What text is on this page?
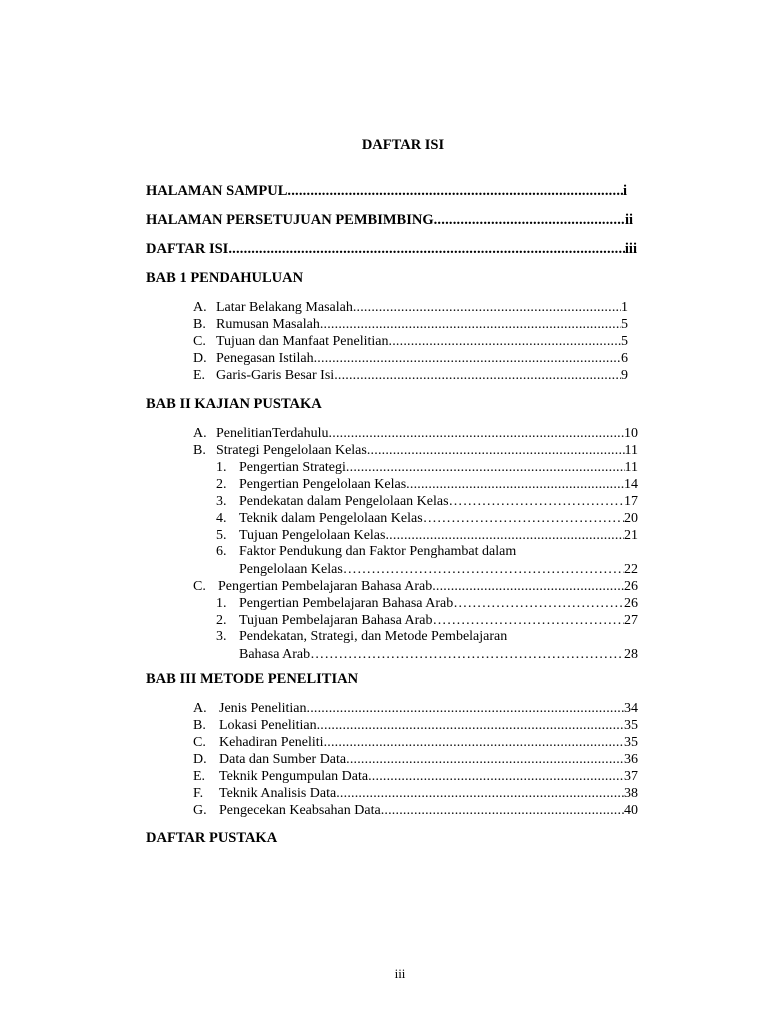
DAFTAR ISI
HALAMAN SAMPUL .....	i
HALAMAN PERSETUJUAN PEMBIMBING .....	ii
DAFTAR ISI .....	iii
BAB 1 PENDAHULUAN
A. Latar Belakang Masalah .....	1
B. Rumusan Masalah .....	5
C. Tujuan dan Manfaat Penelitian .....	5
D. Penegasan Istilah .....	6
E. Garis-Garis Besar Isi .....	9
BAB II KAJIAN PUSTAKA
A. PenelitianTerdahulu .....	10
B. Strategi Pengelolaan Kelas .....	11
1. Pengertian Strategi .....	11
2. Pengertian Pengelolaan Kelas .....	14
3. Pendekatan dalam Pengelolaan Kelas …………………………………………………………………………………………………………………………………………	17
4. Teknik dalam Pengelolaan Kelas …………………………………………………………………………………………………………………………………………	20
5. Tujuan Pengelolaan Kelas .....	21
6. Faktor Pendukung dan Faktor Penghambat dalam
Pengelolaan Kelas …………………………………………………………………………………………………………………………………………	22
C. Pengertian Pembelajaran Bahasa Arab .....	26
1. Pengertian Pembelajaran Bahasa Arab …………………………………………………………………………………………………………………………………………	26
2. Tujuan Pembelajaran Bahasa Arab …………………………………………………………………………………………………………………………………………	27
3. Pendekatan, Strategi, dan Metode Pembelajaran
Bahasa Arab …………………………………………………………………………………………………………………………………………	28
BAB III METODE PENELITIAN
A. Jenis Penelitian .....	34
B. Lokasi Penelitian .....	35
C. Kehadiran Peneliti .....	35
D. Data dan Sumber Data .....	36
E. Teknik Pengumpulan Data .....	37
F.	Teknik Analisis Data .....	38
G. Pengecekan Keabsahan Data .....	40
DAFTAR PUSTAKA
iii
